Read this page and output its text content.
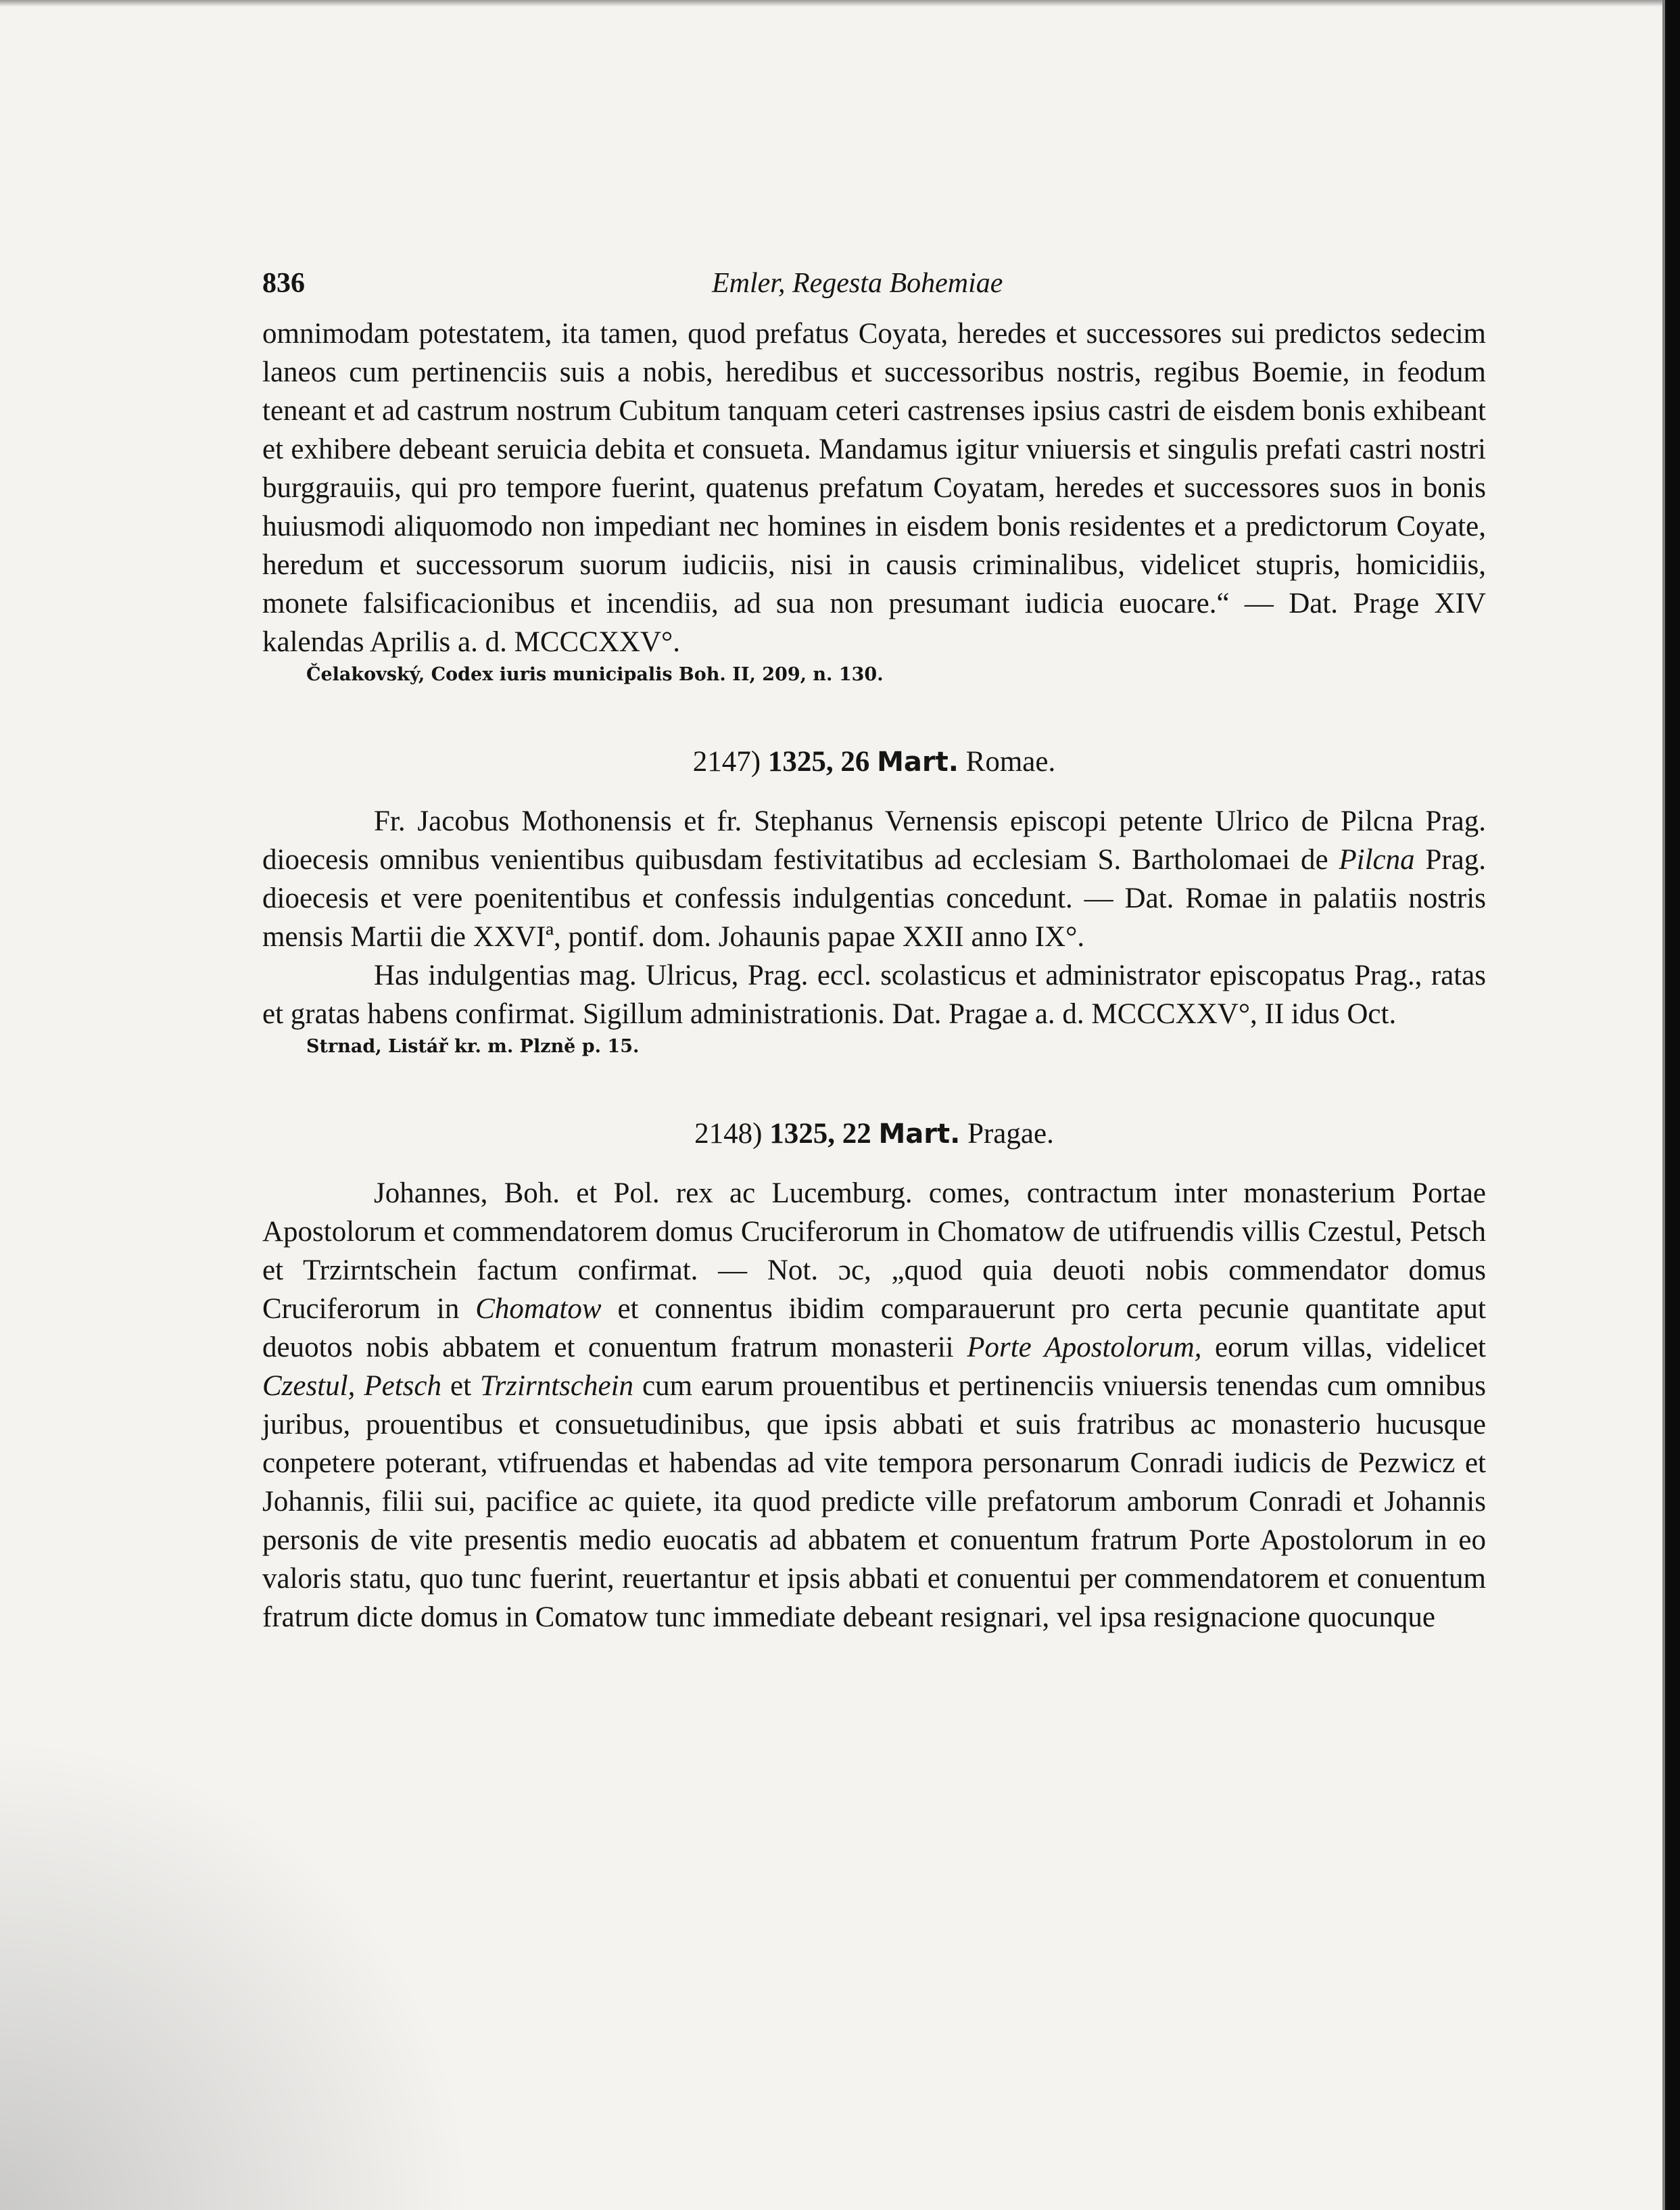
836	Emler, Regesta Bohemiae

omnimodam potestatem, ita tamen, quod prefatus Coyata, heredes et successores sui predictos sedecim laneos cum pertinenciis suis a nobis, heredibus et successoribus nostris, regibus Boemie, in feodum teneant et ad castrum nostrum Cubitum tanquam ceteri castrenses ipsius castri de eisdem bonis exhibeant et exhibere debeant seruicia debita et consueta. Mandamus igitur vniuersis et singulis prefati castri nostri burggrauiis, qui pro tempore fuerint, quatenus prefatum Coyatam, heredes et successores suos in bonis huiusmodi aliquomodo non impediant nec homines in eisdem bonis residentes et a predictorum Coyate, heredum et successorum suorum iudiciis, nisi in causis criminalibus, videlicet stupris, homicidiis, monete falsificacionibus et incendiis, ad sua non presumant iudicia euocare.“ — Dat. Prage XIV kalendas Aprilis a. d. MCCCXXV°.

Čelakovský, Codex iuris municipalis Boh. II, 209, n. 130.

2147) 1325, 26 Mart. Romae.

Fr. Jacobus Mothonensis et fr. Stephanus Vernensis episcopi petente Ulrico de Pilcna Prag. dioecesis omnibus venientibus quibusdam festivitatibus ad ecclesiam S. Bartholomaei de Pilcna Prag. dioecesis et vere poenitentibus et confessis indulgentias concedunt. — Dat. Romae in palatiis nostris mensis Martii die XXVIª, pontif. dom. Johaunis papae XXII anno IX°.

Has indulgentias mag. Ulricus, Prag. eccl. scolasticus et administrator episcopatus Prag., ratas et gratas habens confirmat. Sigillum administrationis. Dat. Pragae a. d. MCCCXXV°, II idus Oct.

Strnad, Listář kr. m. Plzně p. 15.

2148) 1325, 22 Mart. Pragae.

Johannes, Boh. et Pol. rex ac Lucemburg. comes, contractum inter monasterium Portae Apostolorum et commendatorem domus Cruciferorum in Chomatow de utifruendis villis Czestul, Petsch et Trzirntschein factum confirmat. — Not. ɔc, „quod quia deuoti nobis commendator domus Cruciferorum in Chomatow et connentus ibidim comparauerunt pro certa pecunie quantitate aput deuotos nobis abbatem et conuentum fratrum monasterii Porte Apostolorum, eorum villas, videlicet Czestul, Petsch et Trzirntschein cum earum prouentibus et pertinenciis vniuersis tenendas cum omnibus juribus, prouentibus et consuetudinibus, que ipsis abbati et suis fratribus ac monasterio hucusque conpetere poterant, vtifruendas et habendas ad vite tempora personarum Conradi iudicis de Pezwicz et Johannis, filii sui, pacifice ac quiete, ita quod predicte ville prefatorum amborum Conradi et Johannis personis de vite presentis medio euocatis ad abbatem et conuentum fratrum Porte Apostolorum in eo valoris statu, quo tunc fuerint, reuertantur et ipsis abbati et conuentui per commendatorem et conuentum fratrum dicte domus in Comatow tunc immediate debeant resignari, vel ipsa resignacione quocunque
